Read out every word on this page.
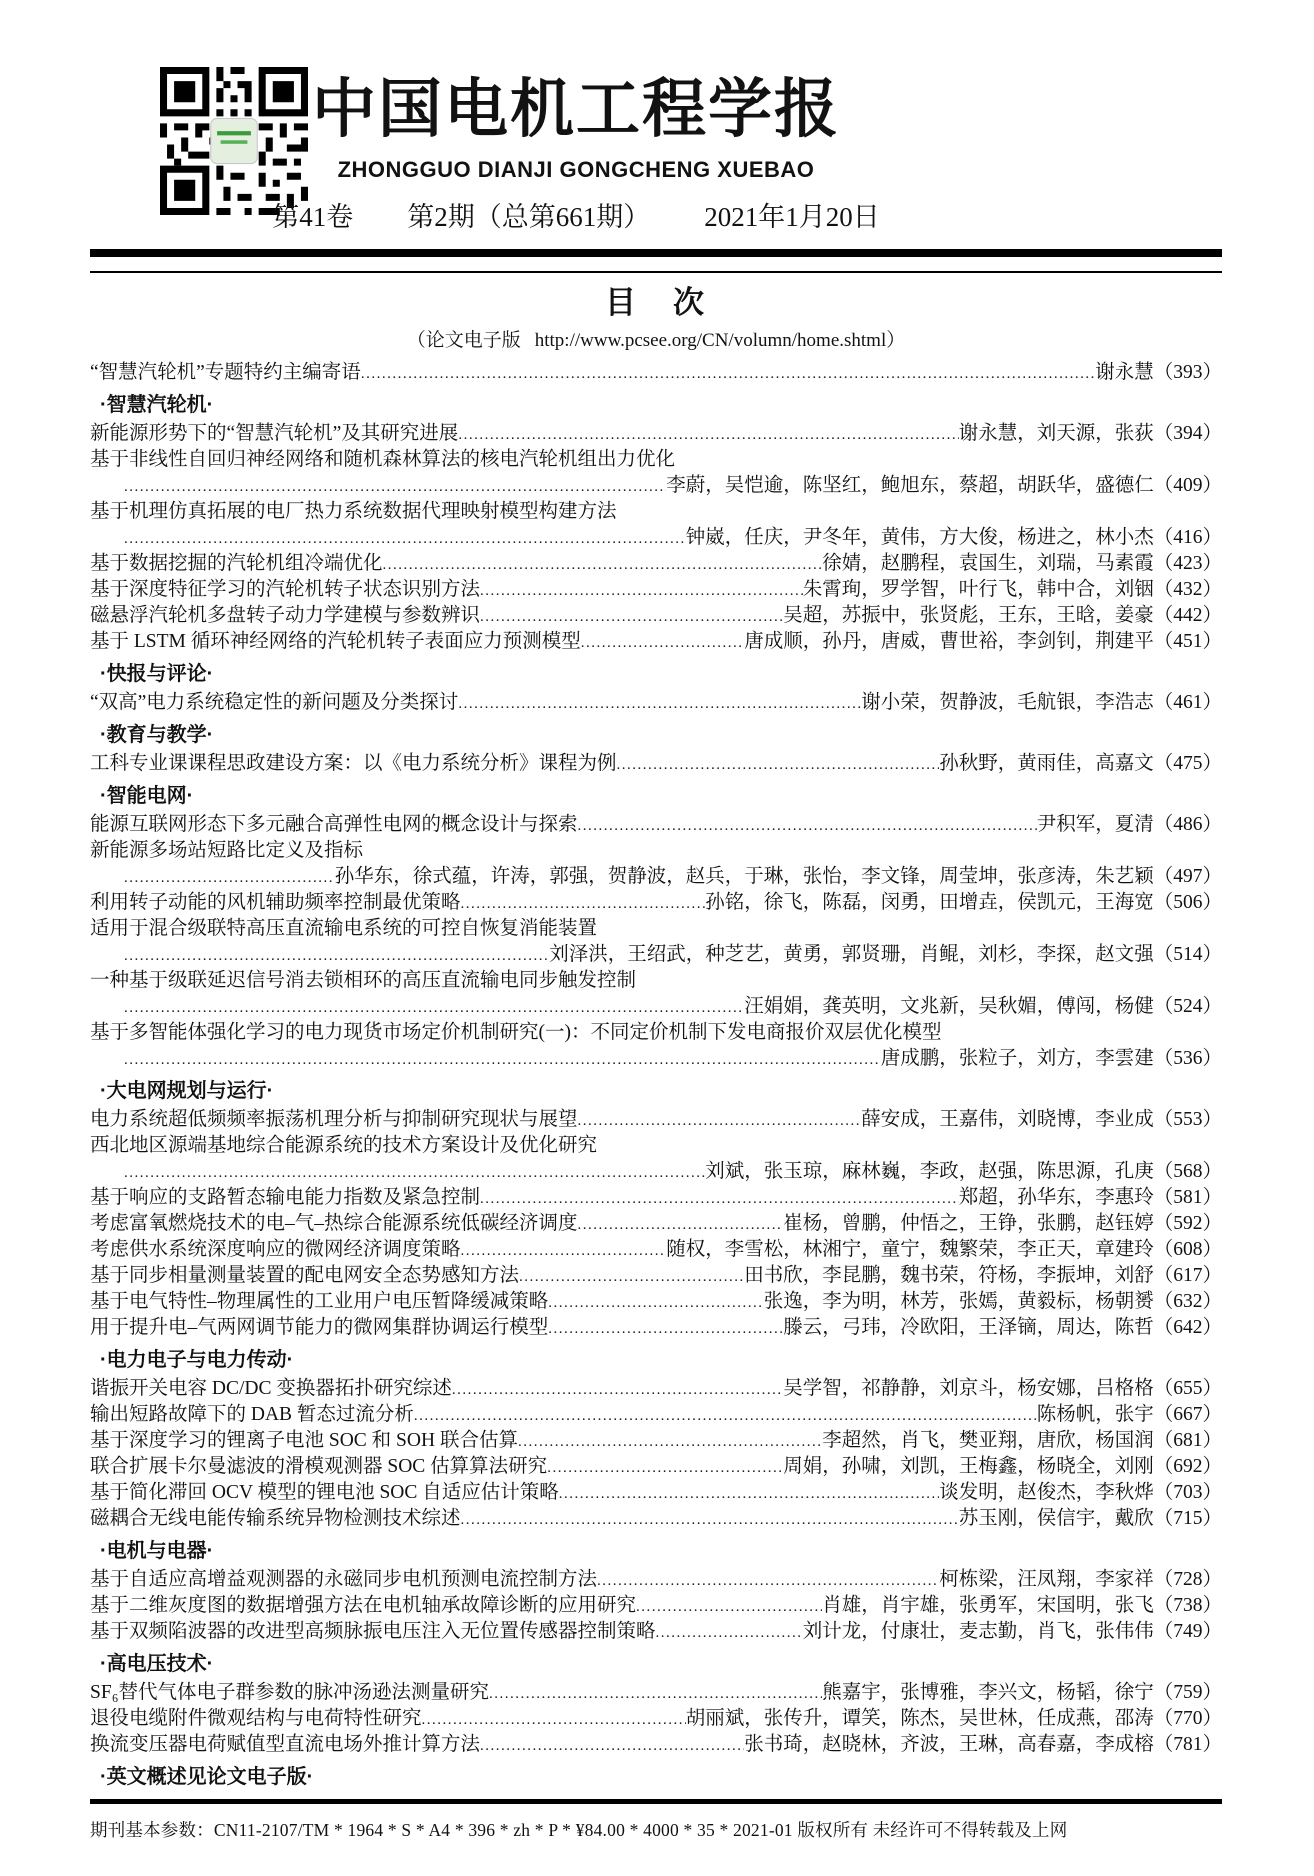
中国电机工程学报
ZHONGGUO DIANJI GONGCHENG XUEBAO
第41卷 第2期（总第661期） 2021年1月20日
目　次
（论文电子版 http://www.pcsee.org/CN/volumn/home.shtml）
“智慧汽轮机”专题特约主编寄语 .....	谢永慧 （393）
·智慧汽轮机·
新能源形势下的“智慧汽轮机”及其研究进展 .....	谢永慧，刘天源，张荻 （394）
基于非线性自回归神经网络和随机森林算法的核电汽轮机组出力优化
.....
李蔚，吴恺逾，陈坚红，鲍旭东，蔡超，胡跃华，盛德仁 （409）
基于机理仿真拓展的电厂热力系统数据代理映射模型构建方法
.....
钟崴，任庆，尹冬年，黄伟，方大俊，杨进之，林小杰 （416）
基于数据挖掘的汽轮机组冷端优化 .....	徐婧，赵鹏程，袁国生，刘瑞，马素霞 （423）
基于深度特征学习的汽轮机转子状态识别方法 .....	朱霄珣，罗学智，叶行飞，韩中合，刘铟 （432）
磁悬浮汽轮机多盘转子动力学建模与参数辨识 .....	吴超，苏振中，张贤彪，王东，王晗，姜豪 （442）
基于 LSTM 循环神经网络的汽轮机转子表面应力预测模型 .....	唐成顺，孙丹，唐威，曹世裕，李剑钊，荆建平 （451）
·快报与评论·
“双高”电力系统稳定性的新问题及分类探讨 .....	谢小荣，贺静波，毛航银，李浩志 （461）
·教育与教学·
工科专业课课程思政建设方案：以《电力系统分析》课程为例 .....	孙秋野，黄雨佳，高嘉文 （475）
·智能电网·
能源互联网形态下多元融合高弹性电网的概念设计与探索 .....	尹积军，夏清 （486）
新能源多场站短路比定义及指标
.....
孙华东，徐式蕴，许涛，郭强，贺静波，赵兵，于琳，张怡，李文锋，周莹坤，张彦涛，朱艺颖 （497）
利用转子动能的风机辅助频率控制最优策略 .....	孙铭，徐飞，陈磊，闵勇，田增垚，侯凯元，王海宽 （506）
适用于混合级联特高压直流输电系统的可控自恢复消能装置
.....
刘泽洪，王绍武，种芝艺，黄勇，郭贤珊，肖鲲，刘杉，李探，赵文强 （514）
一种基于级联延迟信号消去锁相环的高压直流输电同步触发控制
.....
汪娟娟，龚英明，文兆新，吴秋媚，傅闯，杨健 （524）
基于多智能体强化学习的电力现货市场定价机制研究(一)：不同定价机制下发电商报价双层优化模型
.....
唐成鹏，张粒子，刘方，李雲建 （536）
·大电网规划与运行·
电力系统超低频频率振荡机理分析与抑制研究现状与展望 .....	薛安成，王嘉伟，刘晓博，李业成 （553）
西北地区源端基地综合能源系统的技术方案设计及优化研究
.....
刘斌，张玉琼，麻林巍，李政，赵强，陈思源，孔庚 （568）
基于响应的支路暂态输电能力指数及紧急控制 .....	郑超，孙华东，李惠玲 （581）
考虑富氧燃烧技术的电–气–热综合能源系统低碳经济调度 .....	崔杨，曾鹏，仲悟之，王铮，张鹏，赵钰婷 （592）
考虑供水系统深度响应的微网经济调度策略 .....	随权，李雪松，林湘宁，童宁，魏繁荣，李正天，章建玲 （608）
基于同步相量测量装置的配电网安全态势感知方法 .....	田书欣，李昆鹏，魏书荣，符杨，李振坤，刘舒 （617）
基于电气特性–物理属性的工业用户电压暂降缓减策略 .....	张逸，李为明，林芳，张嫣，黄毅标，杨朝赟 （632）
用于提升电–气两网调节能力的微网集群协调运行模型 .....	滕云，弓玮，冷欧阳，王泽镝，周达，陈哲 （642）
·电力电子与电力传动·
谐振开关电容 DC/DC 变换器拓扑研究综述 .....	吴学智，祁静静，刘京斗，杨安娜，吕格格 （655）
输出短路故障下的 DAB 暂态过流分析 .....	陈杨帆，张宇 （667）
基于深度学习的锂离子电池 SOC 和 SOH 联合估算 .....	李超然，肖飞，樊亚翔，唐欣，杨国润 （681）
联合扩展卡尔曼滤波的滑模观测器 SOC 估算算法研究 .....	周娟，孙啸，刘凯，王梅鑫，杨晓全，刘刚 （692）
基于简化滞回 OCV 模型的锂电池 SOC 自适应估计策略 .....	谈发明，赵俊杰，李秋烨 （703）
磁耦合无线电能传输系统异物检测技术综述 .....	苏玉刚，侯信宇，戴欣 （715）
·电机与电器·
基于自适应高增益观测器的永磁同步电机预测电流控制方法 .....	柯栋梁，汪凤翔，李家祥 （728）
基于二维灰度图的数据增强方法在电机轴承故障诊断的应用研究 .....	肖雄，肖宇雄，张勇军，宋国明，张飞 （738）
基于双频陷波器的改进型高频脉振电压注入无位置传感器控制策略 .....	刘计龙，付康壮，麦志勤，肖飞，张伟伟 （749）
·高电压技术·
SF₆替代气体电子群参数的脉冲汤逊法测量研究 .....	熊嘉宇，张博雅，李兴文，杨韬，徐宁 （759）
退役电缆附件微观结构与电荷特性研究 .....	胡丽斌，张传升，谭笑，陈杰，吴世林，任成燕，邵涛 （770）
换流变压器电荷赋值型直流电场外推计算方法 .....	张书琦，赵晓林，齐波，王琳，高春嘉，李成榕 （781）
·英文概述见论文电子版·
期刊基本参数：CN11-2107/TM * 1964 * S * A4 * 396 * zh * P * ¥84.00 * 4000 * 35 * 2021-01 版权所有 未经许可不得转载及上网
